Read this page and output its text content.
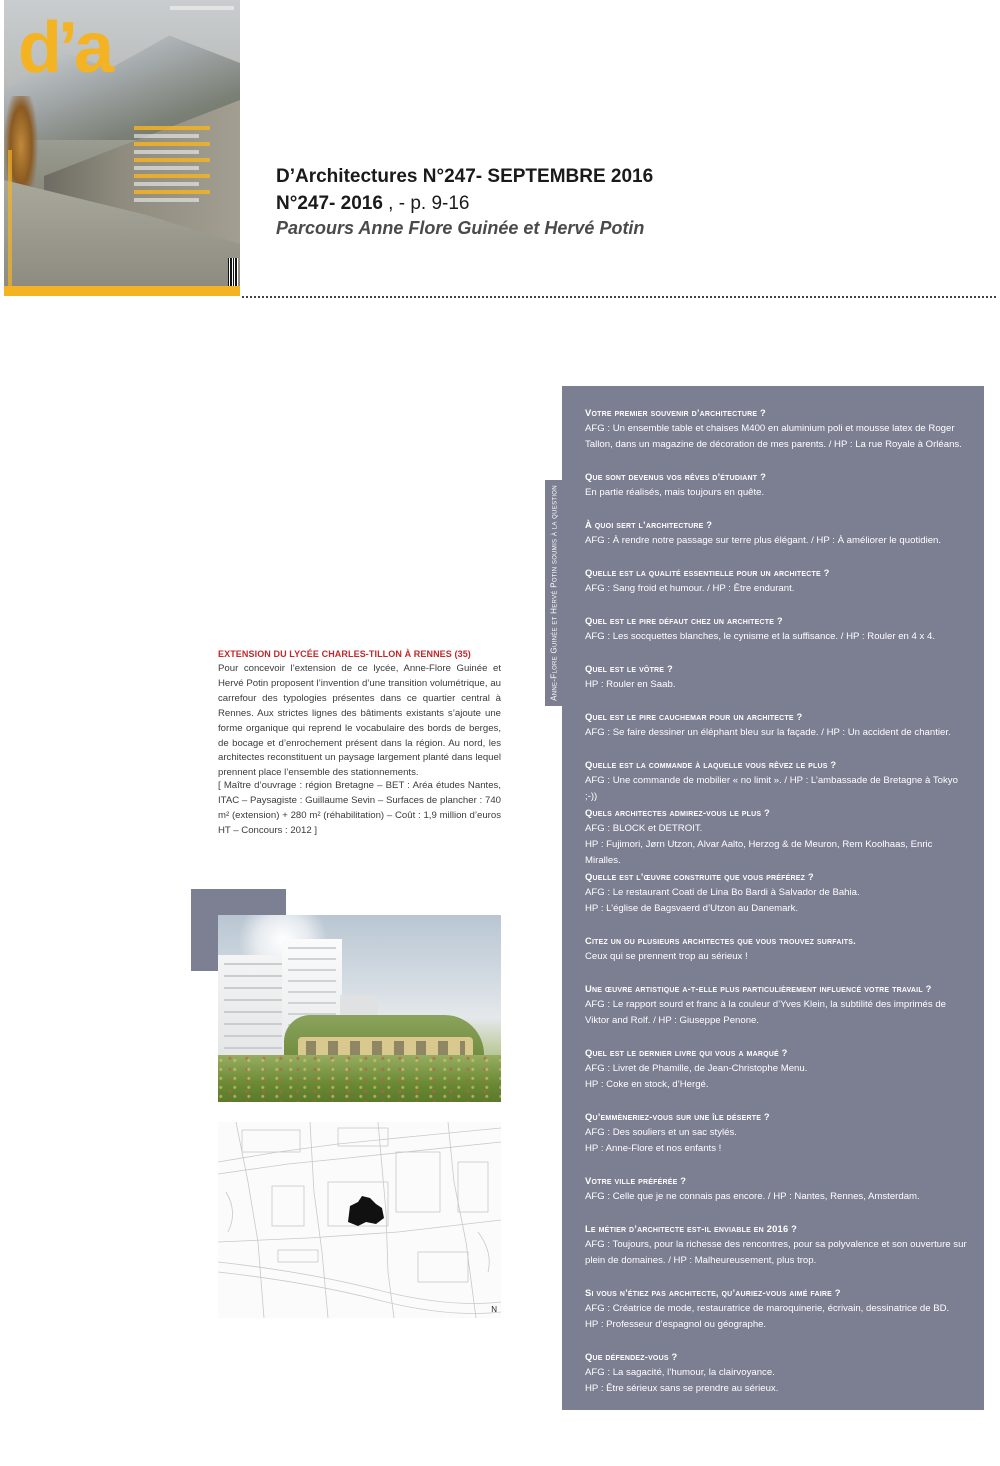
d’a
D’Architectures N°247- SEPTEMBRE 2016
N°247- 2016 , - p. 9-16
Parcours Anne Flore Guinée et Hervé Potin
EXTENSION DU LYCÉE CHARLES-TILLON À RENNES (35)
Pour concevoir l’extension de ce lycée, Anne-Flore Guinée et Hervé Potin proposent l’invention d’une transition volumétrique, au carrefour des typologies présentes dans ce quartier central à Rennes. Aux strictes lignes des bâtiments existants s’ajoute une forme organique qui reprend le vocabulaire des bords de berges, de bocage et d’enrochement présent dans la région. Au nord, les architectes reconstituent un paysage largement planté dans lequel prennent place l’ensemble des stationnements.
[ Maître d’ouvrage : région Bretagne – BET : Aréa études Nantes, ITAC – Paysagiste : Guillaume Sevin – Surfaces de plancher : 740 m² (extension) + 280 m² (réhabilitation) – Coût : 1,9 million d’euros HT – Concours : 2012 ]
N
Anne-Flore Guinée et Hervé Potin soumis à la question
Votre premier souvenir d’architecture ?
AFG : Un ensemble table et chaises M400 en aluminium poli et mousse latex de Roger Tallon, dans un magazine de décoration de mes parents. / HP : La rue Royale à Orléans.
Que sont devenus vos rêves d’étudiant ?
En partie réalisés, mais toujours en quête.
À quoi sert l’architecture ?
AFG : À rendre notre passage sur terre plus élégant. / HP : À améliorer le quotidien.
Quelle est la qualité essentielle pour un architecte ?
AFG : Sang froid et humour. / HP : Être endurant.
Quel est le pire défaut chez un architecte ?
AFG : Les socquettes blanches, le cynisme et la suffisance. / HP : Rouler en 4 x 4.
Quel est le vôtre ?
HP : Rouler en Saab.
Quel est le pire cauchemar pour un architecte ?
AFG : Se faire dessiner un éléphant bleu sur la façade. / HP : Un accident de chantier.
Quelle est la commande à laquelle vous rêvez le plus ?
AFG : Une commande de mobilier « no limit ». / HP : L’ambassade de Bretagne à Tokyo ;-))
Quels architectes admirez-vous le plus ?
AFG : BLOCK et DETROIT.
HP : Fujimori, Jørn Utzon, Alvar Aalto, Herzog & de Meuron, Rem Koolhaas, Enric Miralles.
Quelle est l’œuvre construite que vous préférez ?
AFG : Le restaurant Coati de Lina Bo Bardi à Salvador de Bahia.
HP : L’église de Bagsvaerd d’Utzon au Danemark.
Citez un ou plusieurs architectes que vous trouvez surfaits.
Ceux qui se prennent trop au sérieux !
Une œuvre artistique a-t-elle plus particulièrement influencé votre travail ?
AFG : Le rapport sourd et franc à la couleur d’Yves Klein, la subtilité des imprimés de Viktor and Rolf. / HP : Giuseppe Penone.
Quel est le dernier livre qui vous a marqué ?
AFG : Livret de Phamille, de Jean-Christophe Menu.
HP : Coke en stock, d’Hergé.
Qu’emmèneriez-vous sur une île déserte ?
AFG : Des souliers et un sac stylés.
HP : Anne-Flore et nos enfants !
Votre ville préférée ?
AFG : Celle que je ne connais pas encore. / HP : Nantes, Rennes, Amsterdam.
Le métier d’architecte est-il enviable en 2016 ?
AFG : Toujours, pour la richesse des rencontres, pour sa polyvalence et son ouverture sur plein de domaines. / HP : Malheureusement, plus trop.
Si vous n’étiez pas architecte, qu’auriez-vous aimé faire ?
AFG : Créatrice de mode, restauratrice de maroquinerie, écrivain, dessinatrice de BD.
HP : Professeur d’espagnol ou géographe.
Que défendez-vous ?
AFG : La sagacité, l’humour, la clairvoyance.
HP : Être sérieux sans se prendre au sérieux.
